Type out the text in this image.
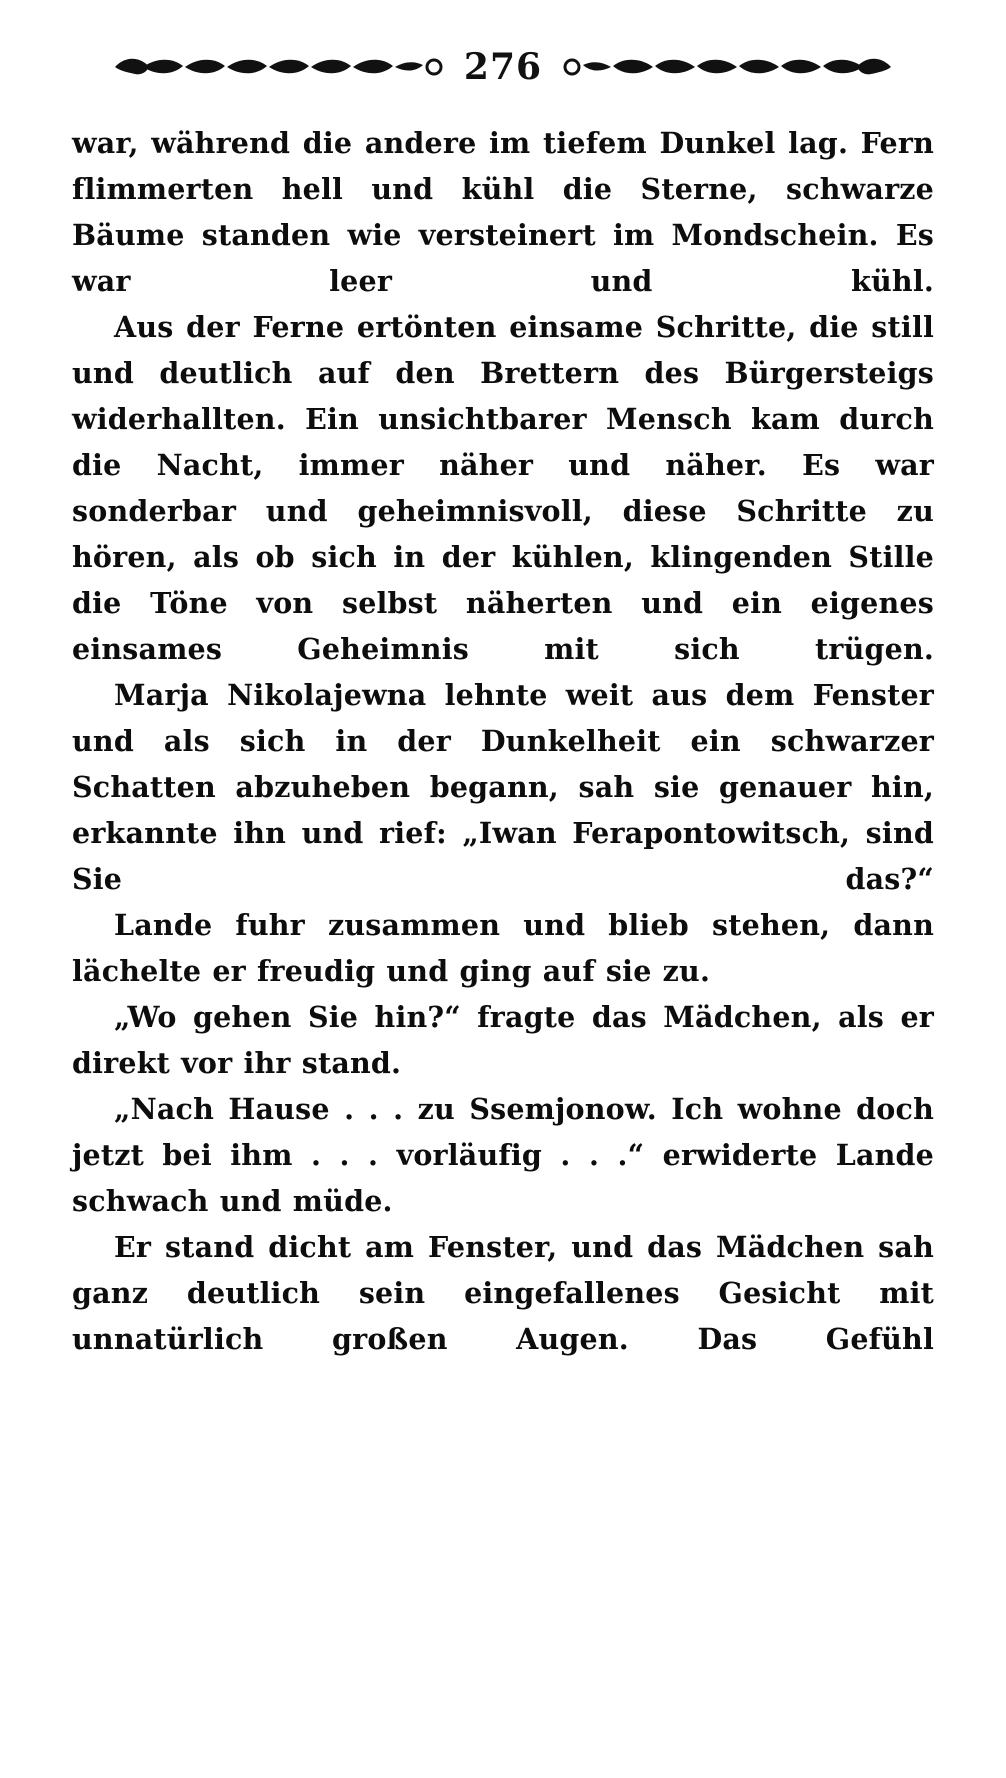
276

war, während die andere im tiefem Dunkel lag. Fern flimmerten hell und kühl die Sterne, schwarze Bäume standen wie versteinert im Mondschein. Es war leer und kühl.

Aus der Ferne ertönten einsame Schritte, die still und deutlich auf den Brettern des Bürgersteigs widerhallten. Ein unsichtbarer Mensch kam durch die Nacht, immer näher und näher. Es war sonderbar und geheimnisvoll, diese Schritte zu hören, als ob sich in der kühlen, klingenden Stille die Töne von selbst näherten und ein eigenes einsames Geheimnis mit sich trügen.

Marja Nikolajewna lehnte weit aus dem Fenster und als sich in der Dunkelheit ein schwarzer Schatten abzuheben begann, sah sie genauer hin, erkannte ihn und rief: „Iwan Ferapontowitsch, sind Sie das?“

Lande fuhr zusammen und blieb stehen, dann lächelte er freudig und ging auf sie zu.

„Wo gehen Sie hin?“ fragte das Mädchen, als er direkt vor ihr stand.

„Nach Hause . . . zu Ssemjonow. Ich wohne doch jetzt bei ihm . . . vorläufig . . .“ erwiderte Lande schwach und müde.

Er stand dicht am Fenster, und das Mädchen sah ganz deutlich sein eingefallenes Gesicht mit unnatürlich großen Augen. Das Gefühl
